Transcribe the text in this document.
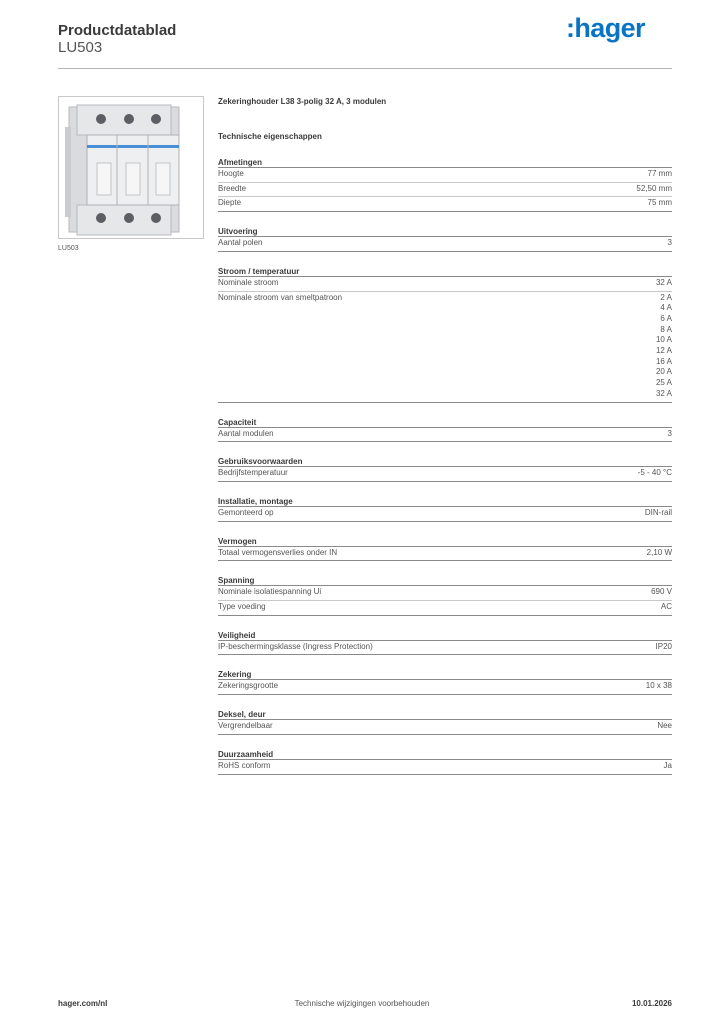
Productdatablad
LU503
:hager
LU503
Zekeringhouder L38 3-polig 32 A, 3 modulen
Technische eigenschappen
Afmetingen
Hoogte	77 mm
Breedte	52,50 mm
Diepte	75 mm
Uitvoering
Aantal polen	3
Stroom / temperatuur
Nominale stroom	32 A
Nominale stroom van smeltpatroon	2 A
4 A
6 A
8 A
10 A
12 A
16 A
20 A
25 A
32 A
Capaciteit
Aantal modulen	3
Gebruiksvoorwaarden
Bedrijfstemperatuur	-5 - 40 °C
Installatie, montage
Gemonteerd op	DIN-rail
Vermogen
Totaal vermogensverlies onder IN	2,10 W
Spanning
Nominale isolatiespanning Ui	690 V
Type voeding	AC
Veiligheid
IP-beschermingsklasse (Ingress Protection)	IP20
Zekering
Zekeringsgrootte	10 x 38
Deksel, deur
Vergrendelbaar	Nee
Duurzaamheid
RoHS conform	Ja
Technische wijzigingen voorbehouden
hager.com/nl	10.01.2026
